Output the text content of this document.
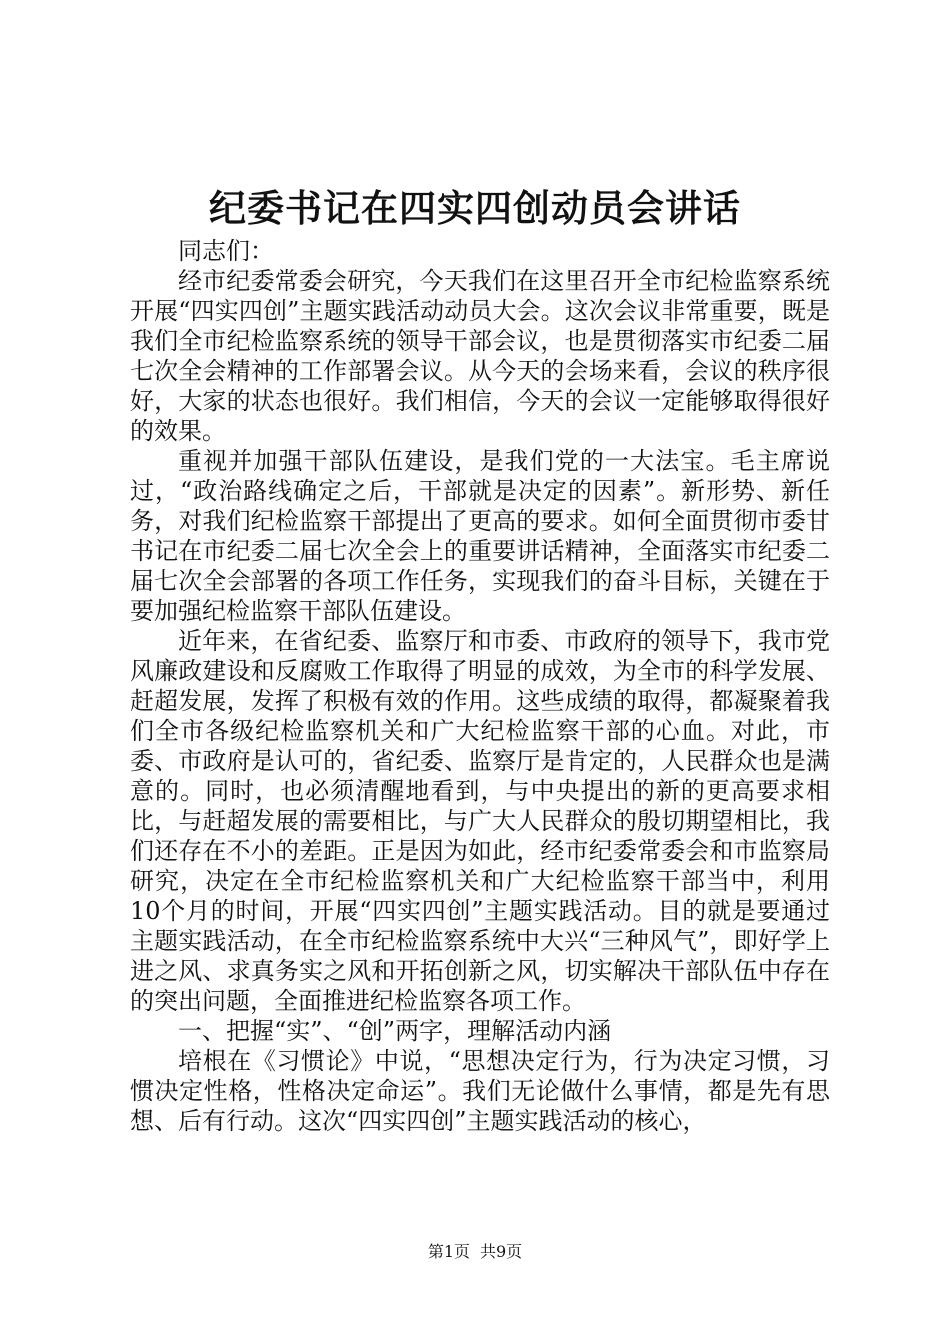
纪委书记在四实四创动员会讲话

同志们：

经市纪委常委会研究，今天我们在这里召开全市纪检监察系统开展“四实四创”主题实践活动动员大会。这次会议非常重要，既是我们全市纪检监察系统的领导干部会议，也是贯彻落实市纪委二届七次全会精神的工作部署会议。从今天的会场来看，会议的秩序很好，大家的状态也很好。我们相信，今天的会议一定能够取得很好的效果。

重视并加强干部队伍建设，是我们党的一大法宝。毛主席说过，“政治路线确定之后，干部就是决定的因素”。新形势、新任务，对我们纪检监察干部提出了更高的要求。如何全面贯彻市委甘书记在市纪委二届七次全会上的重要讲话精神，全面落实市纪委二届七次全会部署的各项工作任务，实现我们的奋斗目标，关键在于要加强纪检监察干部队伍建设。

近年来，在省纪委、监察厅和市委、市政府的领导下，我市党风廉政建设和反腐败工作取得了明显的成效，为全市的科学发展、赶超发展，发挥了积极有效的作用。这些成绩的取得，都凝聚着我们全市各级纪检监察机关和广大纪检监察干部的心血。对此，市委、市政府是认可的，省纪委、监察厅是肯定的，人民群众也是满意的。同时，也必须清醒地看到，与中央提出的新的更高要求相比，与赶超发展的需要相比，与广大人民群众的殷切期望相比，我们还存在不小的差距。正是因为如此，经市纪委常委会和市监察局研究，决定在全市纪检监察机关和广大纪检监察干部当中，利用10个月的时间，开展“四实四创”主题实践活动。目的就是要通过主题实践活动，在全市纪检监察系统中大兴“三种风气”，即好学上进之风、求真务实之风和开拓创新之风，切实解决干部队伍中存在的突出问题，全面推进纪检监察各项工作。

一、把握“实”、“创”两字，理解活动内涵

培根在《习惯论》中说，“思想决定行为，行为决定习惯，习惯决定性格，性格决定命运”。我们无论做什么事情，都是先有思想、后有行动。这次“四实四创”主题实践活动的核心，

第1页 共9页
